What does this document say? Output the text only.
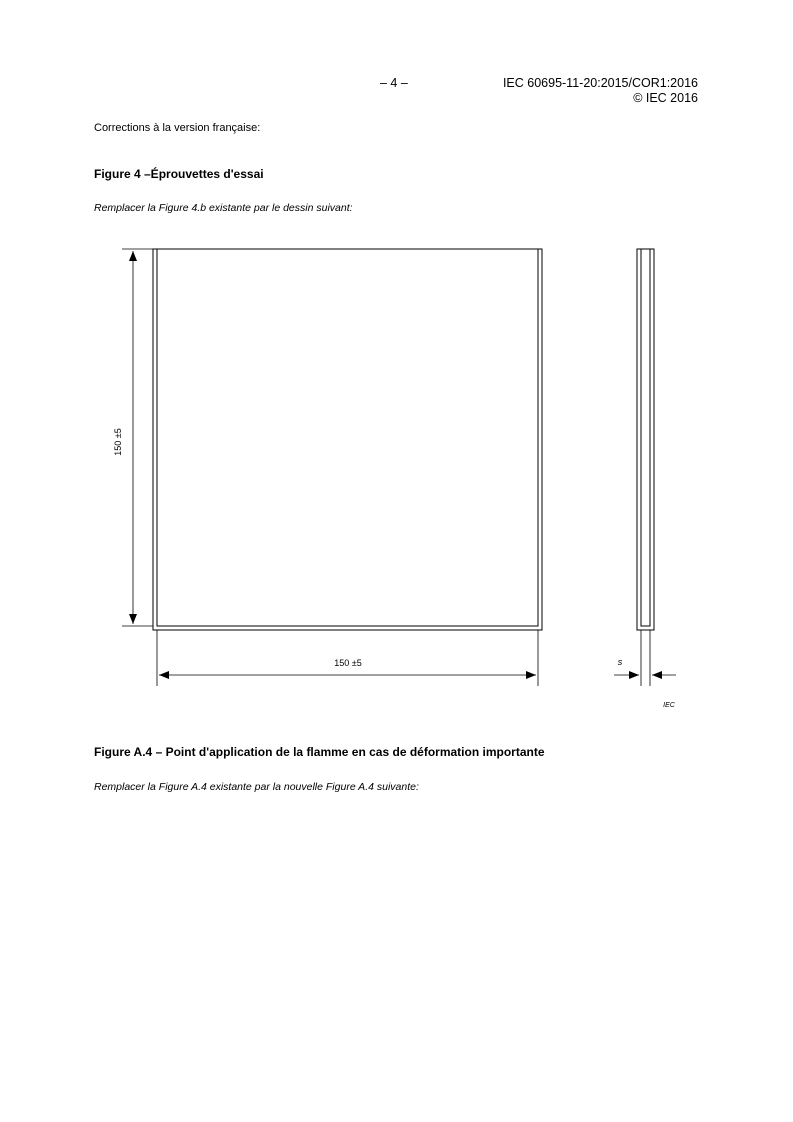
– 4 –	IEC 60695-11-20:2015/COR1:2016
© IEC 2016
Corrections à la version française:
Figure 4 –Éprouvettes d'essai
Remplacer la Figure 4.b existante par le dessin suivant:
150 ±5
150 ±5	s
IEC
Figure A.4 – Point d'application de la flamme en cas de déformation importante
Remplacer la Figure A.4 existante par la nouvelle Figure A.4 suivante:
